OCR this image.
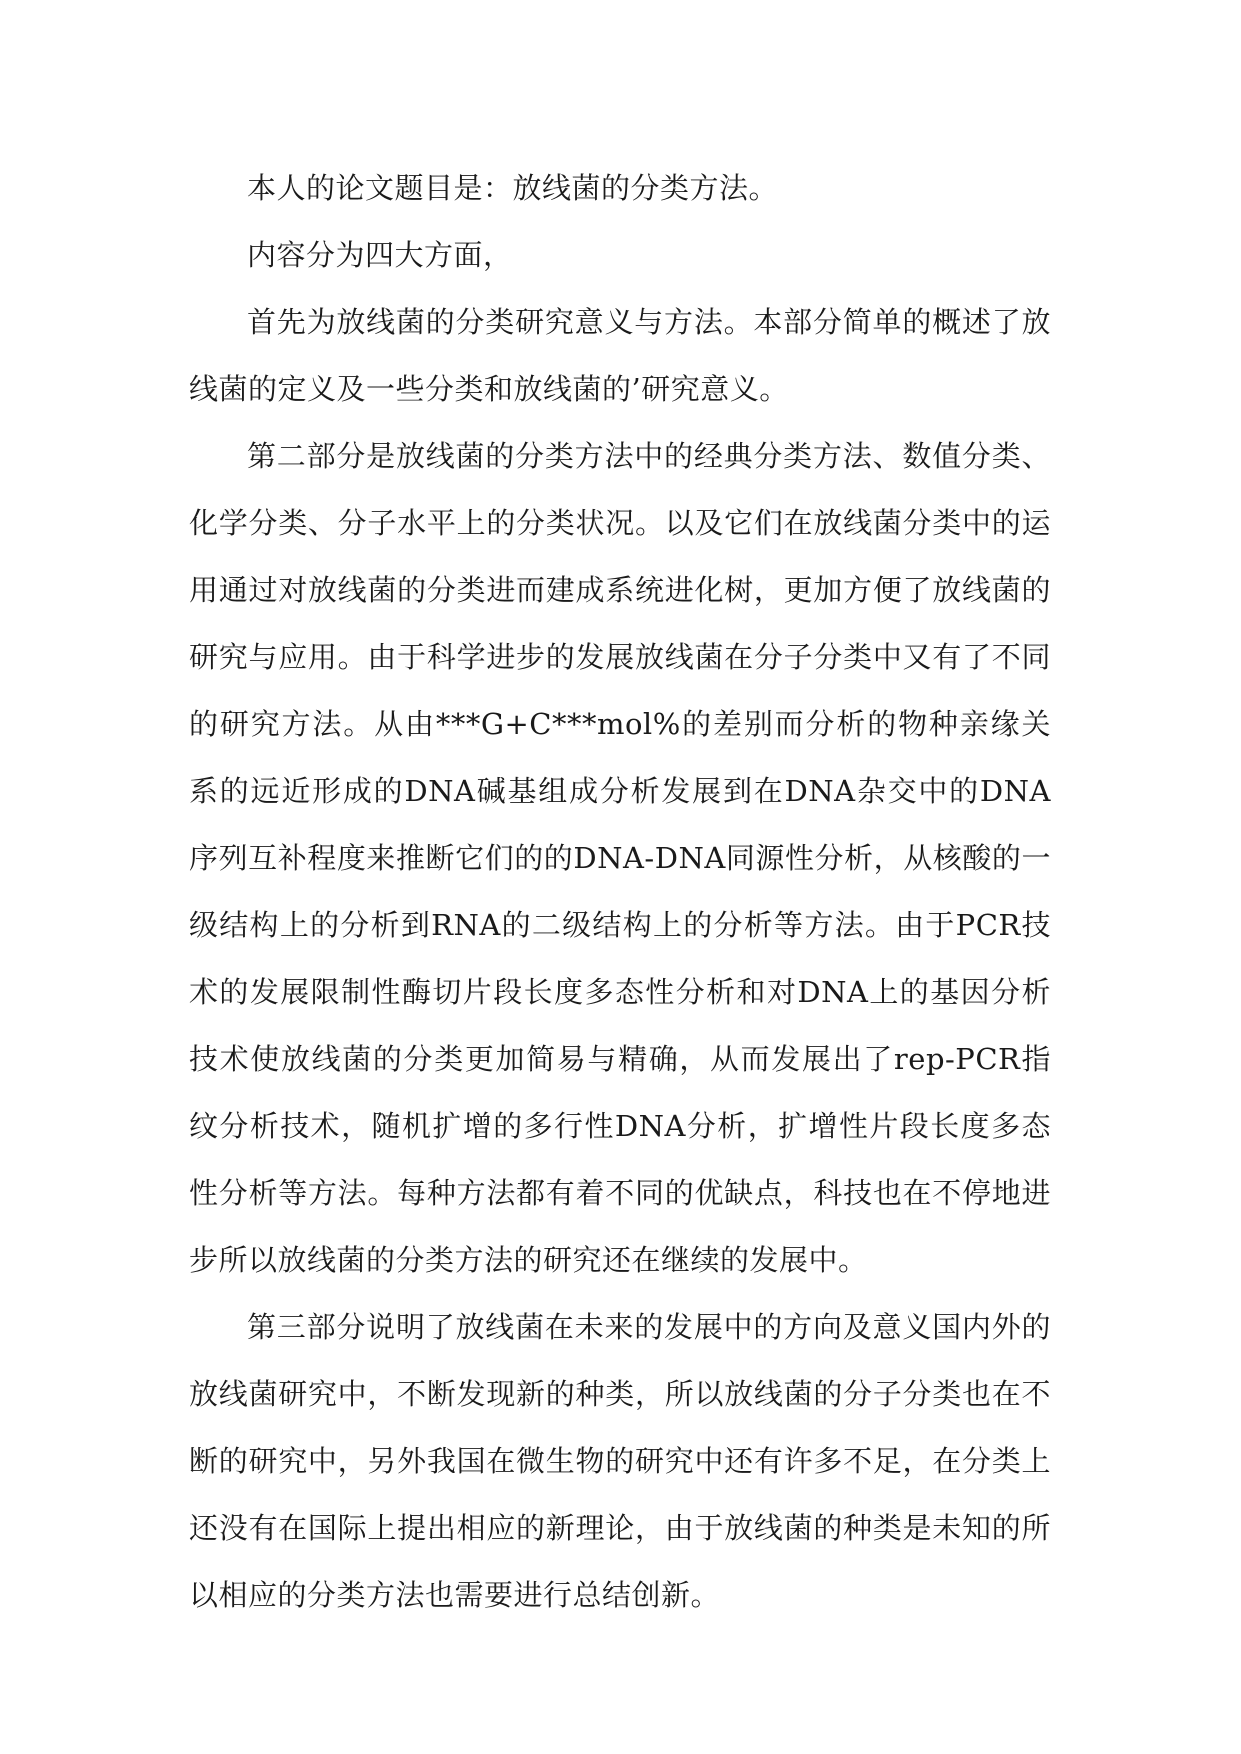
本人的论文题目是：放线菌的分类方法。

内容分为四大方面，

首先为放线菌的分类研究意义与方法。本部分简单的概述了放线菌的定义及一些分类和放线菌的’研究意义。

第二部分是放线菌的分类方法中的经典分类方法、数值分类、化学分类、分子水平上的分类状况。以及它们在放线菌分类中的运用通过对放线菌的分类进而建成系统进化树，更加方便了放线菌的研究与应用。由于科学进步的发展放线菌在分子分类中又有了不同的研究方法。从由***G+C***mol%的差别而分析的物种亲缘关系的远近形成的DNA碱基组成分析发展到在DNA杂交中的DNA序列互补程度来推断它们的的DNA-DNA同源性分析，从核酸的一级结构上的分析到RNA的二级结构上的分析等方法。由于PCR技术的发展限制性酶切片段长度多态性分析和对DNA上的基因分析技术使放线菌的分类更加简易与精确，从而发展出了rep-PCR指纹分析技术，随机扩增的多行性DNA分析，扩增性片段长度多态性分析等方法。每种方法都有着不同的优缺点，科技也在不停地进步所以放线菌的分类方法的研究还在继续的发展中。

第三部分说明了放线菌在未来的发展中的方向及意义国内外的放线菌研究中，不断发现新的种类，所以放线菌的分子分类也在不断的研究中，另外我国在微生物的研究中还有许多不足，在分类上还没有在国际上提出相应的新理论，由于放线菌的种类是未知的所以相应的分类方法也需要进行总结创新。
